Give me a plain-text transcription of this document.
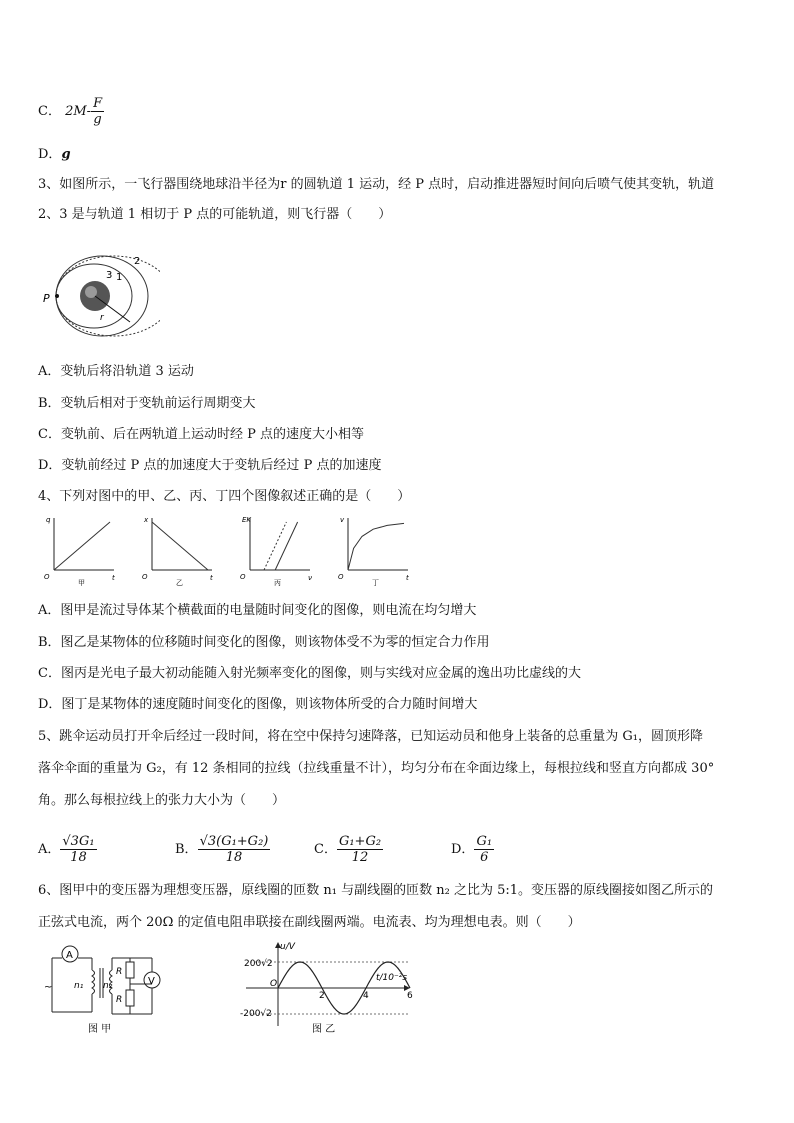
C． $2M- \frac{F}{g}$
D．g
3、如图所示，一飞行器围绕地球沿半径为r 的圆轨道 1 运动，经 P 点时，启动推进器短时间向后喷气使其变轨，轨道
2、3 是与轨道 1 相切于 P 点的可能轨道，则飞行器（　　）
P
1
2
3
r
A．变轨后将沿轨道 3 运动
B．变轨后相对于变轨前运行周期变大
C．变轨前、后在两轨道上运动时经 P 点的速度大小相等
D．变轨前经过 P 点的加速度大于变轨后经过 P 点的加速度
4、下列对图中的甲、乙、丙、丁四个图像叙述正确的是（　　）
q
t
O
甲
x
t
O
乙
EK
ν
O
丙
v
t
O
丁
A．图甲是流过导体某个横截面的电量随时间变化的图像，则电流在均匀增大
B．图乙是某物体的位移随时间变化的图像，则该物体受不为零的恒定合力作用
C．图丙是光电子最大初动能随入射光频率变化的图像，则与实线对应金属的逸出功比虚线的大
D．图丁是某物体的速度随时间变化的图像，则该物体所受的合力随时间增大
5、跳伞运动员打开伞后经过一段时间，将在空中保持匀速降落，已知运动员和他身上装备的总重量为 G₁，圆顶形降
落伞伞面的重量为 G₂，有 12 条相同的拉线（拉线重量不计），均匀分布在伞面边缘上，每根拉线和竖直方向都成 30°
角。那么每根拉线上的张力大小为（　　）
A． $\frac{\text{√3G₁}}{18}$	B． $\frac{\text{√3(G₁+G₂)}}{18}$	C． $\frac{\text{G₁+G₂}}{12}$	D． $\frac{\text{G₁}}{6}$
6、图甲中的变压器为理想变压器，原线圈的匝数 n₁ 与副线圈的匝数 n₂ 之比为 5:1。变压器的原线圈接如图乙所示的
正弦式电流，两个 20Ω 的定值电阻串联接在副线圈两端。电流表、均为理想电表。则（　　）
A
~ n₁ n₂
R
R
V
图 甲
u/V
t/10⁻²s
200√2
-200√2
O
2	4	6
图 乙
